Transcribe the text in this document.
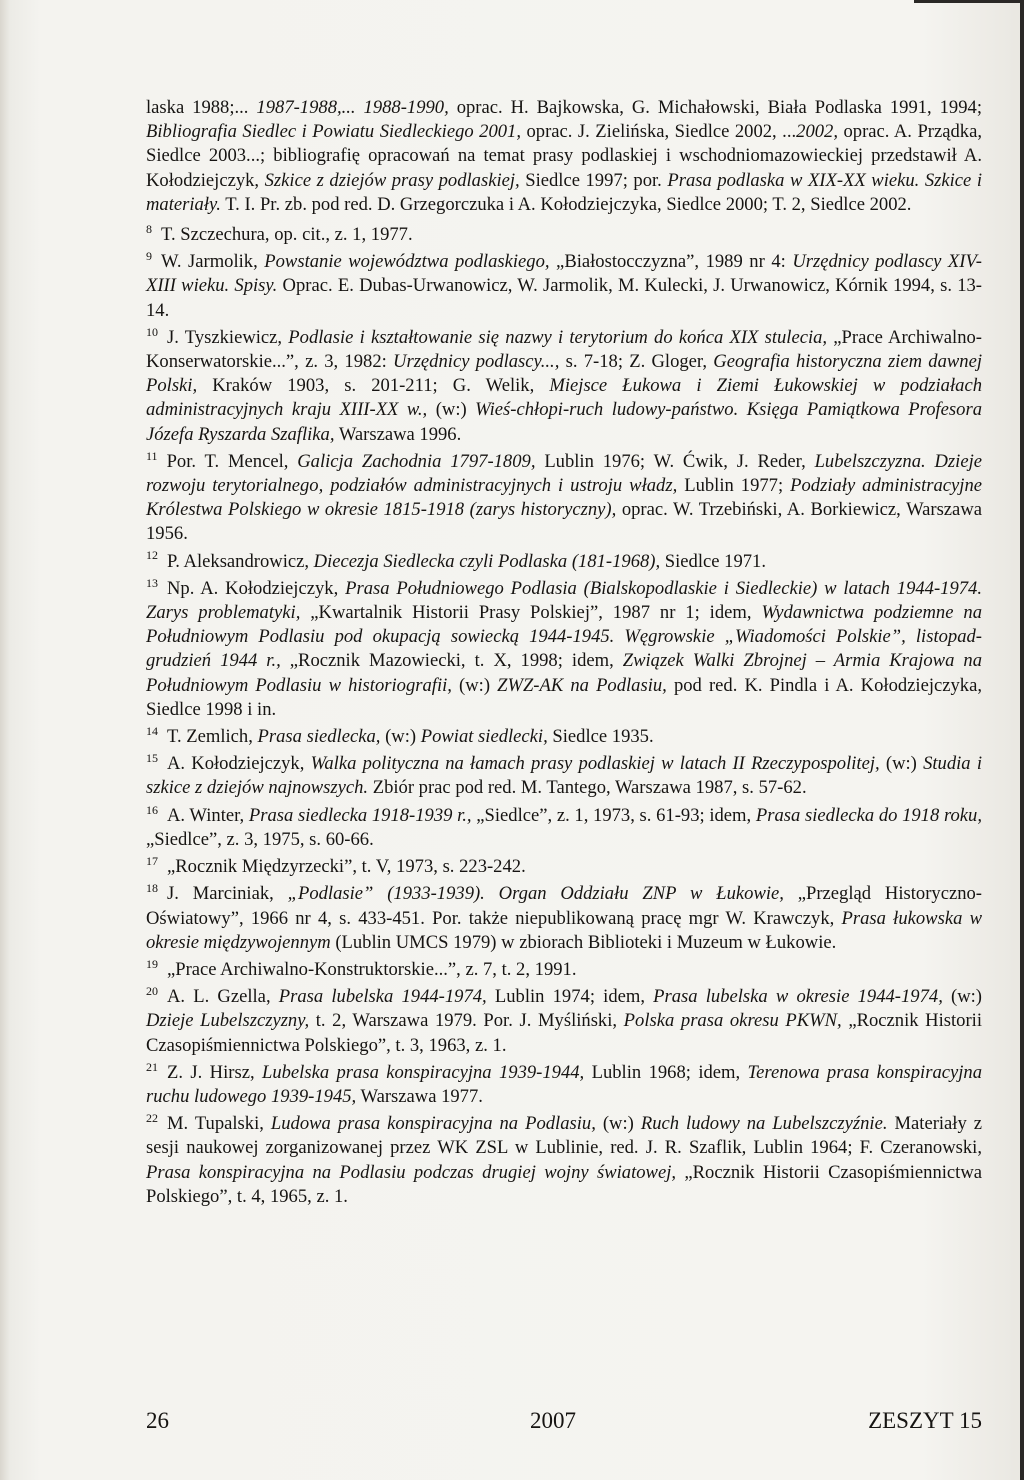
laska 1988;... 1987-1988,... 1988-1990, oprac. H. Bajkowska, G. Michałowski, Biała Podlaska 1991, 1994; Bibliografia Siedlec i Powiatu Siedleckiego 2001, oprac. J. Zielińska, Siedlce 2002, ...2002, oprac. A. Prządka, Siedlce 2003...; bibliografię opracowań na temat prasy podlaskiej i wschodniomazowieckiej przedstawił A. Kołodziejczyk, Szkice z dziejów prasy podlaskiej, Siedlce 1997; por. Prasa podlaska w XIX-XX wieku. Szkice i materiały. T. I. Pr. zb. pod red. D. Grzegorczuka i A. Kołodziejczyka, Siedlce 2000; T. 2, Siedlce 2002.

$^8$ T. Szczechura, op. cit., z. 1, 1977.

$^9$ W. Jarmolik, Powstanie województwa podlaskiego, „Białostocczyzna”, 1989 nr 4: Urzędnicy podlascy XIV-XIII wieku. Spisy. Oprac. E. Dubas-Urwanowicz, W. Jarmolik, M. Kulecki, J. Urwanowicz, Kórnik 1994, s. 13-14.

$^{10}$ J. Tyszkiewicz, Podlasie i kształtowanie się nazwy i terytorium do końca XIX stulecia, „Prace Archiwalno-Konserwatorskie...”, z. 3, 1982: Urzędnicy podlascy..., s. 7-18; Z. Gloger, Geografia historyczna ziem dawnej Polski, Kraków 1903, s. 201-211; G. Welik, Miejsce Łukowa i Ziemi Łukowskiej w podziałach administracyjnych kraju XIII-XX w., (w:) Wieś-chłopi-ruch ludowy-państwo. Księga Pamiątkowa Profesora Józefa Ryszarda Szaflika, Warszawa 1996.

$^{11}$ Por. T. Mencel, Galicja Zachodnia 1797-1809, Lublin 1976; W. Ćwik, J. Reder, Lubelszczyzna. Dzieje rozwoju terytorialnego, podziałów administracyjnych i ustroju władz, Lublin 1977; Podziały administracyjne Królestwa Polskiego w okresie 1815-1918 (zarys historyczny), oprac. W. Trzebiński, A. Borkiewicz, Warszawa 1956.

$^{12}$ P. Aleksandrowicz, Diecezja Siedlecka czyli Podlaska (181-1968), Siedlce 1971.

$^{13}$ Np. A. Kołodziejczyk, Prasa Południowego Podlasia (Bialskopodlaskie i Siedleckie) w latach 1944-1974. Zarys problematyki, „Kwartalnik Historii Prasy Polskiej”, 1987 nr 1; idem, Wydawnictwa podziemne na Południowym Podlasiu pod okupacją sowiecką 1944-1945. Węgrowskie „Wiadomości Polskie”, listopad-grudzień 1944 r., „Rocznik Mazowiecki, t. X, 1998; idem, Związek Walki Zbrojnej – Armia Krajowa na Południowym Podlasiu w historiografii, (w:) ZWZ-AK na Podlasiu, pod red. K. Pindla i A. Kołodziejczyka, Siedlce 1998 i in.

$^{14}$ T. Zemlich, Prasa siedlecka, (w:) Powiat siedlecki, Siedlce 1935.

$^{15}$ A. Kołodziejczyk, Walka polityczna na łamach prasy podlaskiej w latach II Rzeczypospolitej, (w:) Studia i szkice z dziejów najnowszych. Zbiór prac pod red. M. Tantego, Warszawa 1987, s. 57-62.

$^{16}$ A. Winter, Prasa siedlecka 1918-1939 r., „Siedlce”, z. 1, 1973, s. 61-93; idem, Prasa siedlecka do 1918 roku, „Siedlce”, z. 3, 1975, s. 60-66.

$^{17}$ „Rocznik Międzyrzecki”, t. V, 1973, s. 223-242.

$^{18}$ J. Marciniak, „Podlasie” (1933-1939). Organ Oddziału ZNP w Łukowie, „Przegląd Historyczno-Oświatowy”, 1966 nr 4, s. 433-451. Por. także niepublikowaną pracę mgr W. Krawczyk, Prasa łukowska w okresie międzywojennym (Lublin UMCS 1979) w zbiorach Biblioteki i Muzeum w Łukowie.

$^{19}$ „Prace Archiwalno-Konstruktorskie...”, z. 7, t. 2, 1991.

$^{20}$ A. L. Gzella, Prasa lubelska 1944-1974, Lublin 1974; idem, Prasa lubelska w okresie 1944-1974, (w:) Dzieje Lubelszczyzny, t. 2, Warszawa 1979. Por. J. Myśliński, Polska prasa okresu PKWN, „Rocznik Historii Czasopiśmiennictwa Polskiego”, t. 3, 1963, z. 1.

$^{21}$ Z. J. Hirsz, Lubelska prasa konspiracyjna 1939-1944, Lublin 1968; idem, Terenowa prasa konspiracyjna ruchu ludowego 1939-1945, Warszawa 1977.

$^{22}$ M. Tupalski, Ludowa prasa konspiracyjna na Podlasiu, (w:) Ruch ludowy na Lubelszczyźnie. Materiały z sesji naukowej zorganizowanej przez WK ZSL w Lublinie, red. J. R. Szaflik, Lublin 1964; F. Czeranowski, Prasa konspiracyjna na Podlasiu podczas drugiej wojny światowej, „Rocznik Historii Czasopiśmiennictwa Polskiego”, t. 4, 1965, z. 1.

26	2007	ZESZYT 15
